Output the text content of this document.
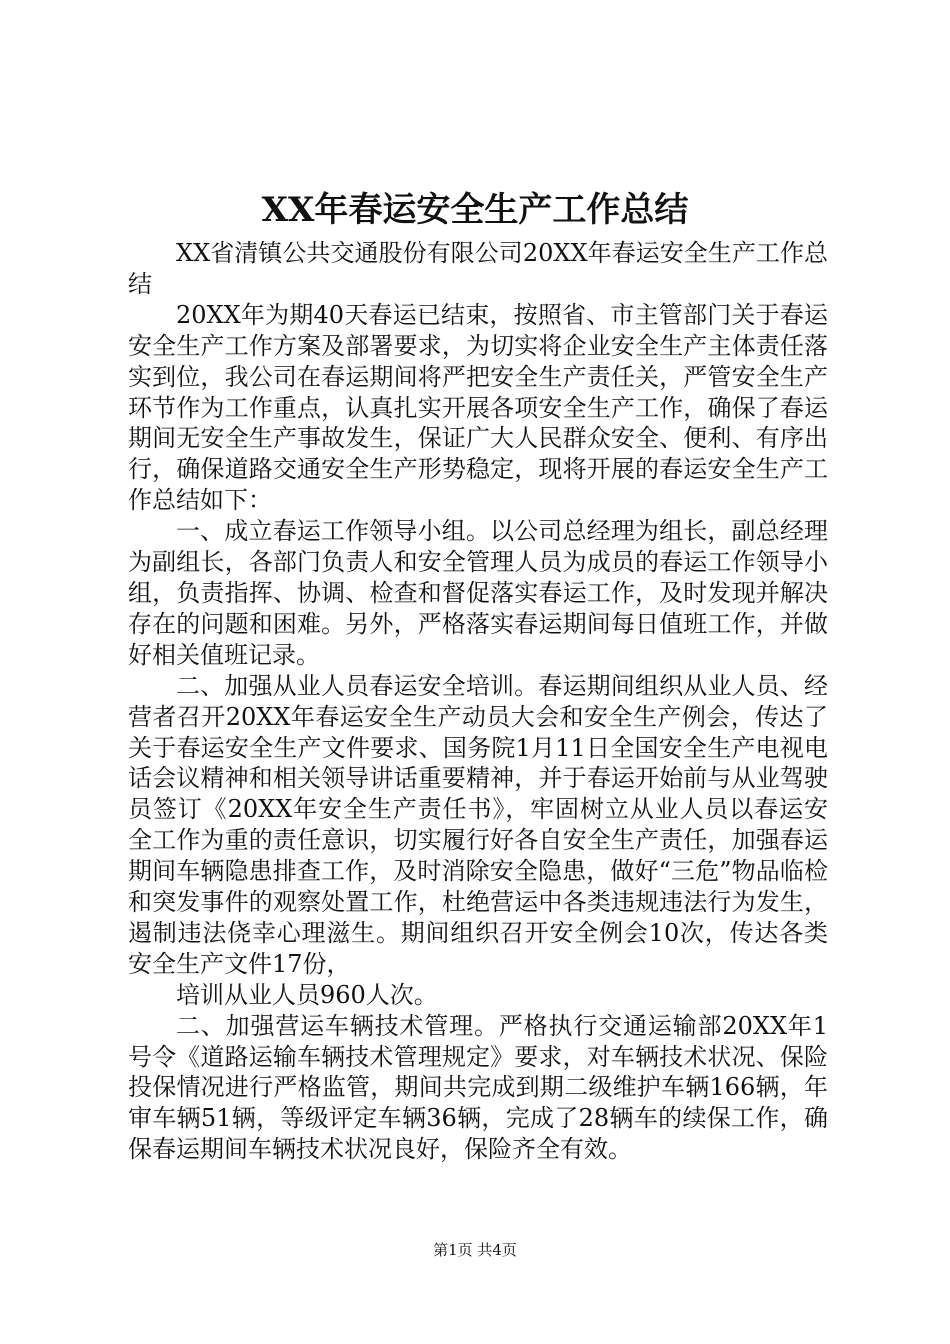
XX年春运安全生产工作总结

XX省清镇公共交通股份有限公司20XX年春运安全生产工作总结

20XX年为期40天春运已结束，按照省、市主管部门关于春运安全生产工作方案及部署要求，为切实将企业安全生产主体责任落实到位，我公司在春运期间将严把安全生产责任关，严管安全生产环节作为工作重点，认真扎实开展各项安全生产工作，确保了春运期间无安全生产事故发生，保证广大人民群众安全、便利、有序出行，确保道路交通安全生产形势稳定，现将开展的春运安全生产工作总结如下：

一、成立春运工作领导小组。以公司总经理为组长，副总经理为副组长，各部门负责人和安全管理人员为成员的春运工作领导小组，负责指挥、协调、检查和督促落实春运工作，及时发现并解决存在的问题和困难。另外，严格落实春运期间每日值班工作，并做好相关值班记录。

二、加强从业人员春运安全培训。春运期间组织从业人员、经营者召开20XX年春运安全生产动员大会和安全生产例会，传达了关于春运安全生产文件要求、国务院1月11日全国安全生产电视电话会议精神和相关领导讲话重要精神，并于春运开始前与从业驾驶员签订《20XX年安全生产责任书》，牢固树立从业人员以春运安全工作为重的责任意识，切实履行好各自安全生产责任，加强春运期间车辆隐患排查工作，及时消除安全隐患，做好“三危”物品临检和突发事件的观察处置工作，杜绝营运中各类违规违法行为发生，遏制违法侥幸心理滋生。期间组织召开安全例会10次，传达各类安全生产文件17份，

培训从业人员960人次。

二、加强营运车辆技术管理。严格执行交通运输部20XX年1号令《道路运输车辆技术管理规定》要求，对车辆技术状况、保险投保情况进行严格监管，期间共完成到期二级维护车辆166辆，年审车辆51辆，等级评定车辆36辆，完成了28辆车的续保工作，确保春运期间车辆技术状况良好，保险齐全有效。

第1页 共4页
